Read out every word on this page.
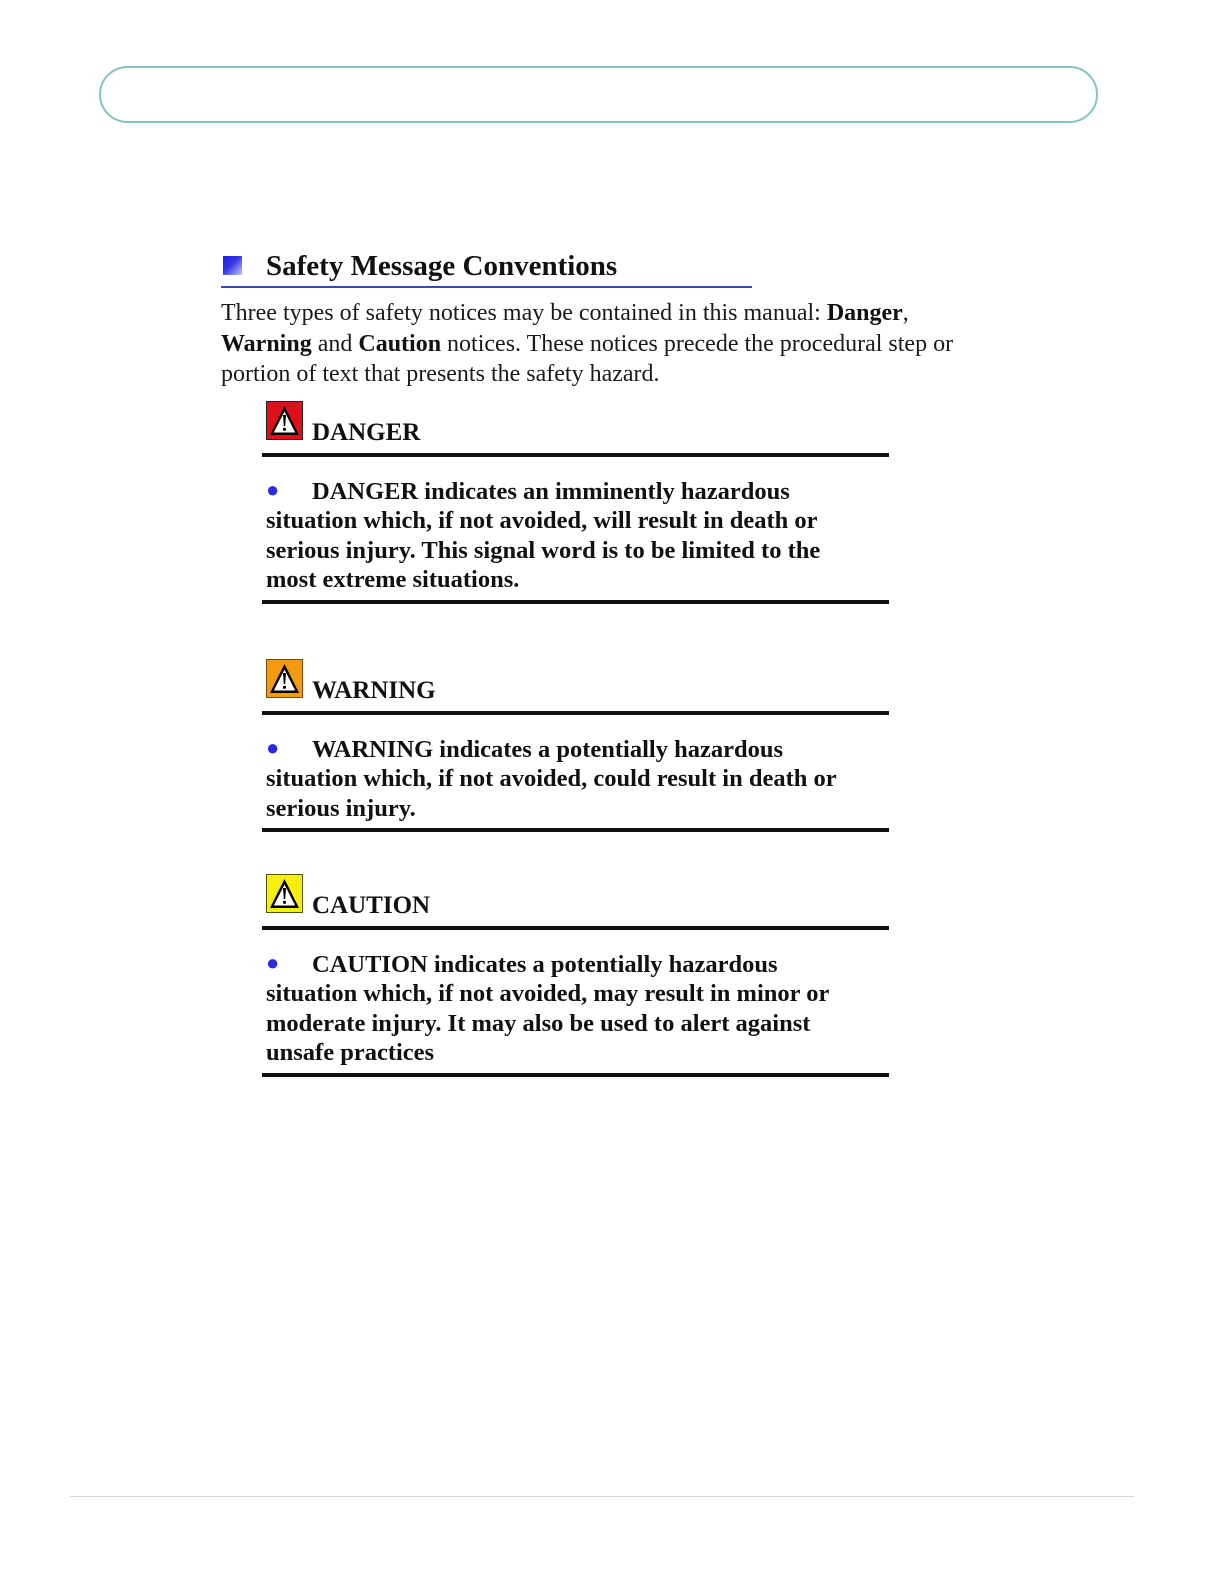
Safety Message Conventions

Three types of safety notices may be contained in this manual: Danger, Warning and Caution notices. These notices precede the procedural step or portion of text that presents the safety hazard.

DANGER

● DANGER indicates an imminently hazardous situation which, if not avoided, will result in death or serious injury. This signal word is to be limited to the most extreme situations.

WARNING

● WARNING indicates a potentially hazardous situation which, if not avoided, could result in death or serious injury.

CAUTION

● CAUTION indicates a potentially hazardous situation which, if not avoided, may result in minor or moderate injury. It may also be used to alert against unsafe practices
